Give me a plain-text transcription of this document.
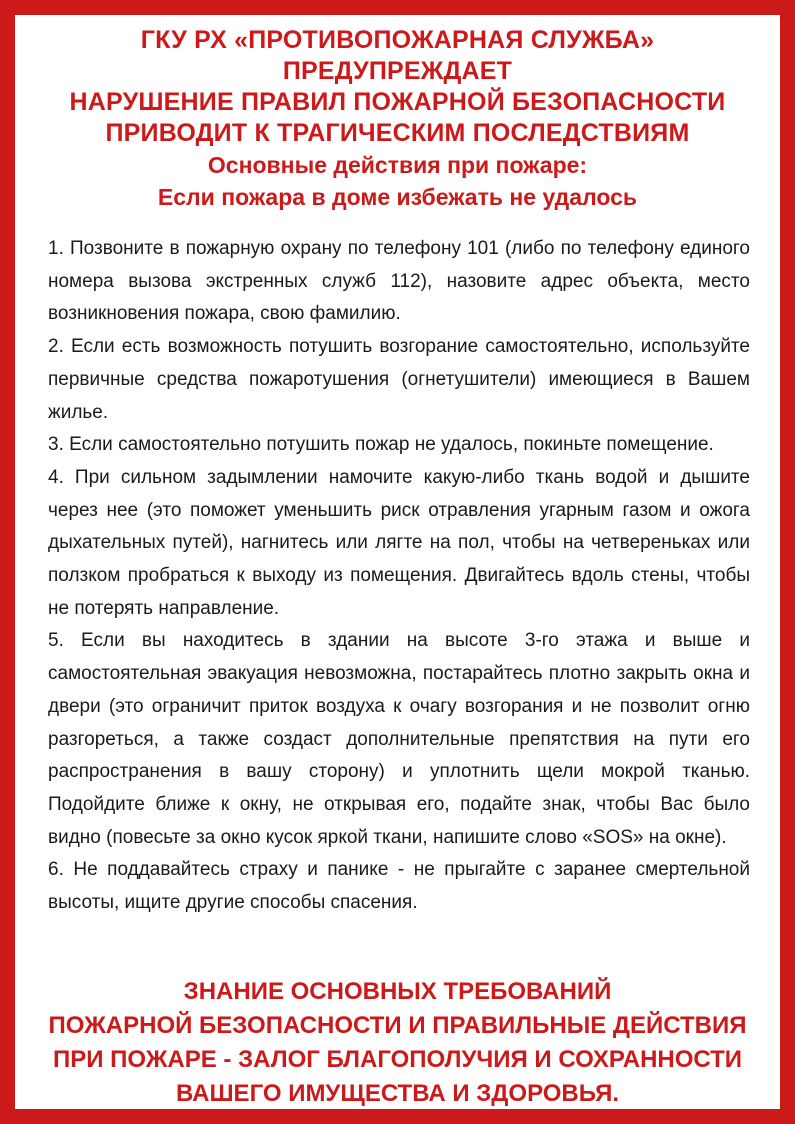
ГКУ РХ «ПРОТИВОПОЖАРНАЯ СЛУЖБА»
ПРЕДУПРЕЖДАЕТ
НАРУШЕНИЕ ПРАВИЛ ПОЖАРНОЙ БЕЗОПАСНОСТИ
ПРИВОДИТ К ТРАГИЧЕСКИМ ПОСЛЕДСТВИЯМ
Основные действия при пожаре:
Если пожара в доме избежать не удалось

1. Позвоните в пожарную охрану по телефону 101 (либо по телефону единого номера вызова экстренных служб 112), назовите адрес объекта, место возникновения пожара, свою фамилию.

2. Если есть возможность потушить возгорание самостоятельно, используйте первичные средства пожаротушения (огнетушители) имеющиеся в Вашем жилье.

3. Если самостоятельно потушить пожар не удалось, покиньте помещение.

4. При сильном задымлении намочите какую-либо ткань водой и дышите через нее (это поможет уменьшить риск отравления угарным газом и ожога дыхательных путей), нагнитесь или лягте на пол, чтобы на четвереньках или ползком пробраться к выходу из помещения. Двигайтесь вдоль стены, чтобы не потерять направление.

5. Если вы находитесь в здании на высоте 3-го этажа и выше и самостоятельная эвакуация невозможна, постарайтесь плотно закрыть окна и двери (это ограничит приток воздуха к очагу возгорания и не позволит огню разгореться, а также создаст дополнительные препятствия на пути его распространения в вашу сторону) и уплотнить щели мокрой тканью. Подойдите ближе к окну, не открывая его, подайте знак, чтобы Вас было видно (повесьте за окно кусок яркой ткани, напишите слово «SOS» на окне).

6. Не поддавайтесь страху и панике - не прыгайте с заранее смертельной высоты, ищите другие способы спасения.

ЗНАНИЕ ОСНОВНЫХ ТРЕБОВАНИЙ
ПОЖАРНОЙ БЕЗОПАСНОСТИ И ПРАВИЛЬНЫЕ ДЕЙСТВИЯ
ПРИ ПОЖАРЕ - ЗАЛОГ БЛАГОПОЛУЧИЯ И СОХРАННОСТИ
ВАШЕГО ИМУЩЕСТВА И ЗДОРОВЬЯ.
